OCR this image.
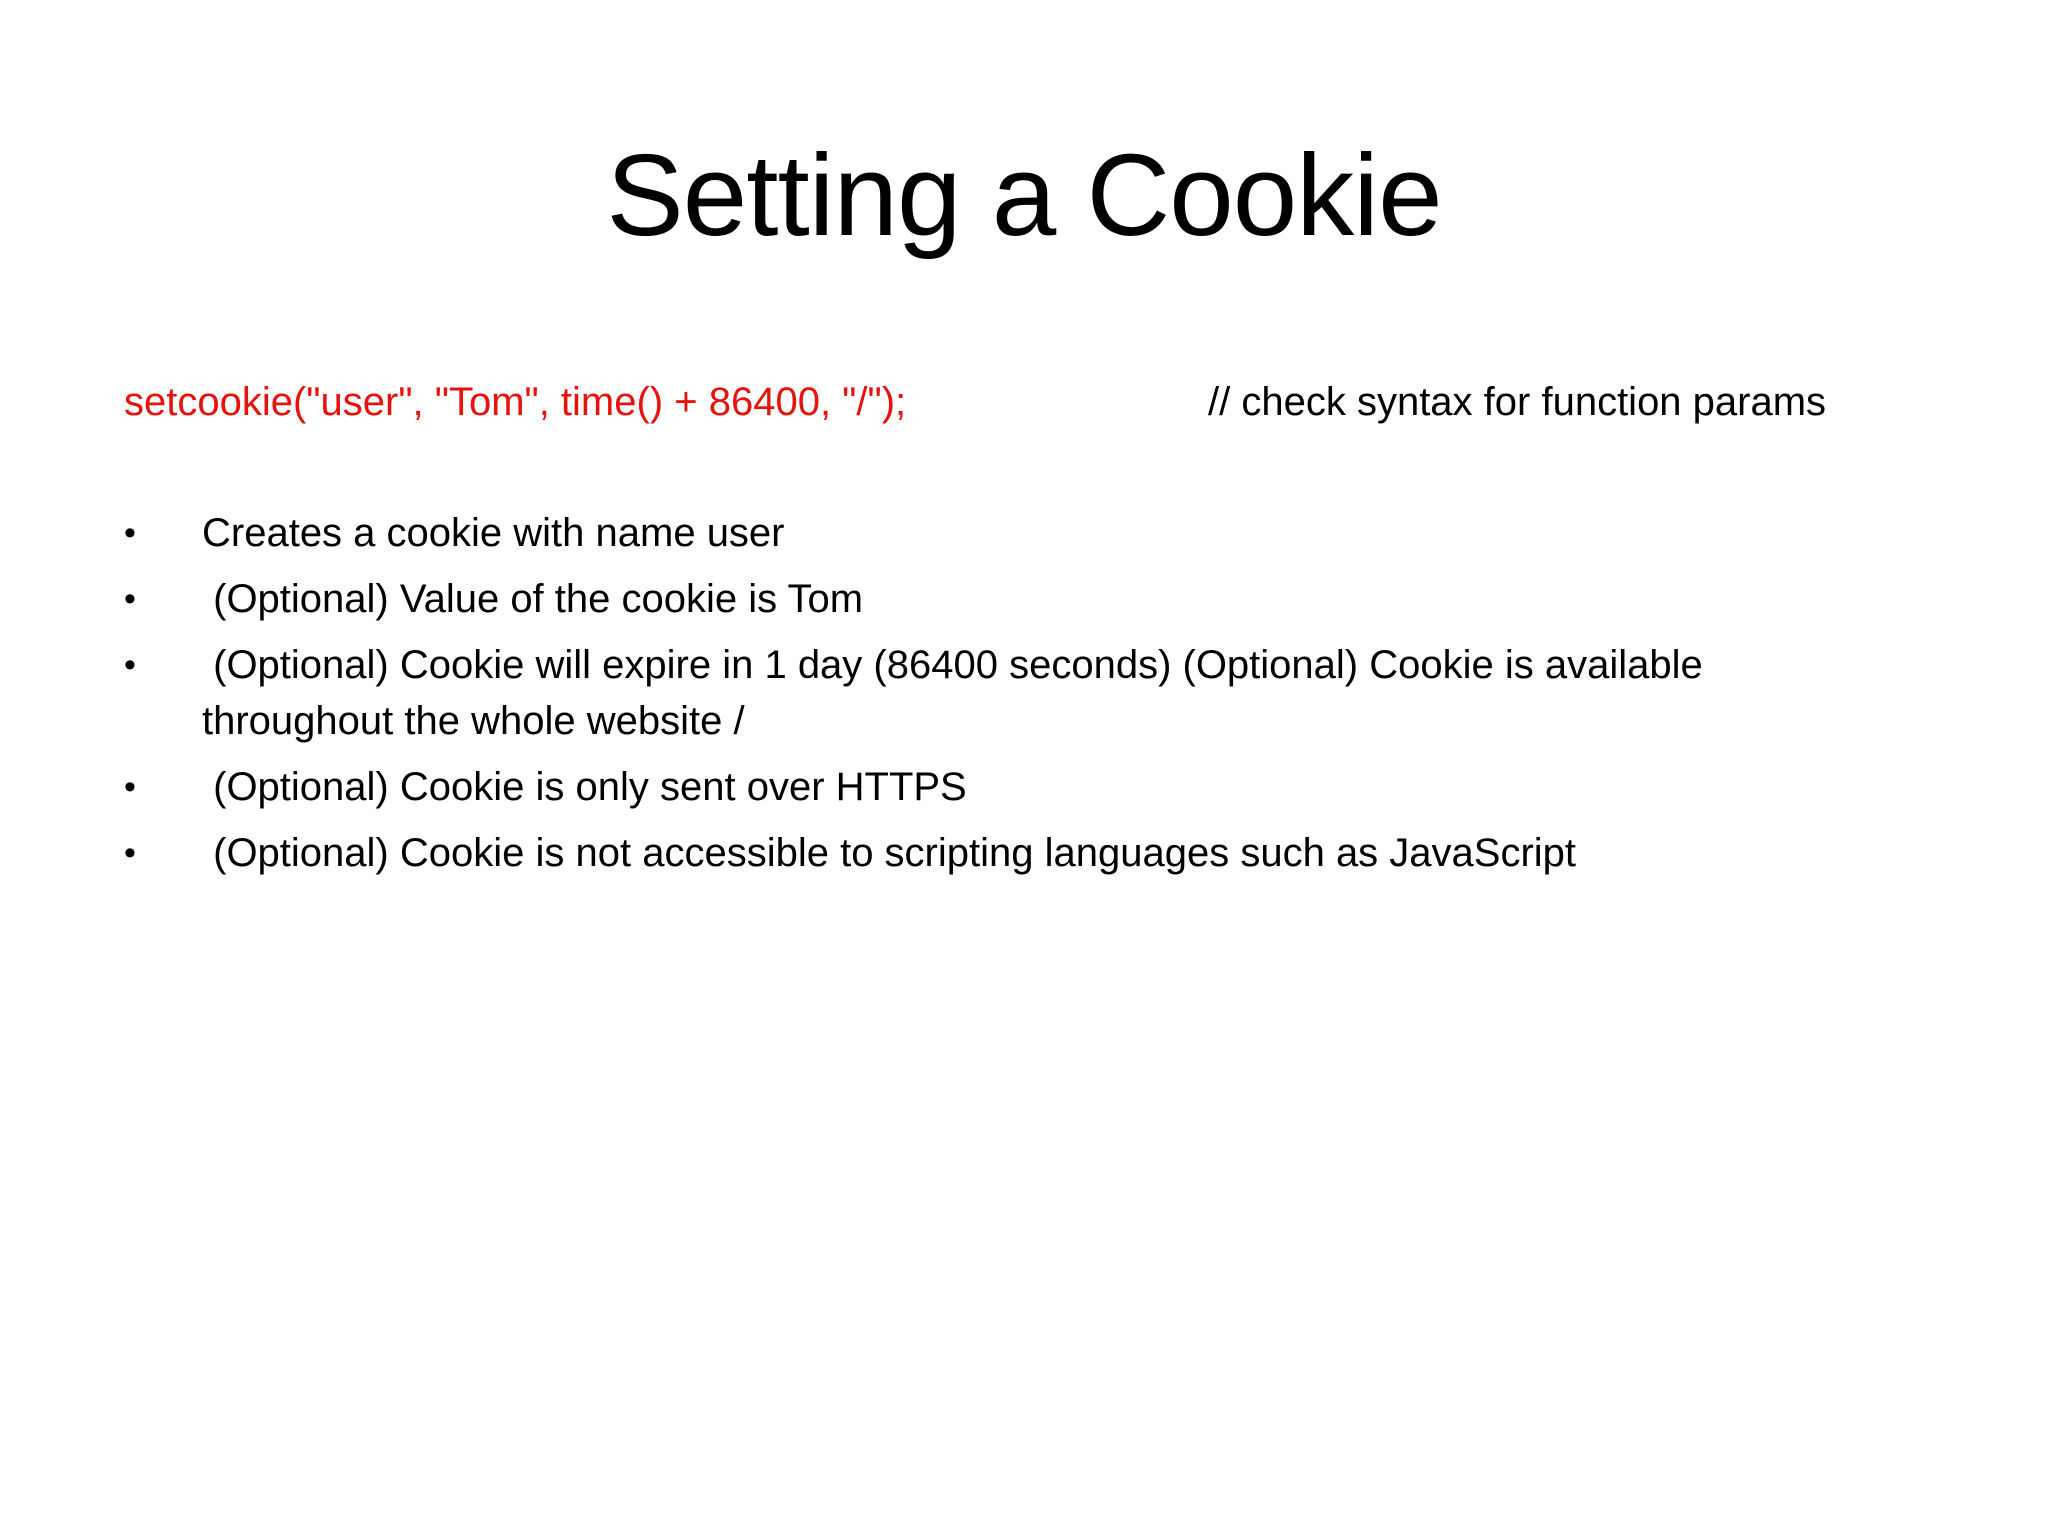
Setting a Cookie
setcookie("user", "Tom", time() + 86400, "/");	// check syntax for function params
•	Creates a cookie with name user
•	(Optional) Value of the cookie is Tom
•	(Optional) Cookie will expire in 1 day (86400 seconds) (Optional) Cookie is available throughout the whole website /
•	(Optional) Cookie is only sent over HTTPS
•	(Optional) Cookie is not accessible to scripting languages such as JavaScript
